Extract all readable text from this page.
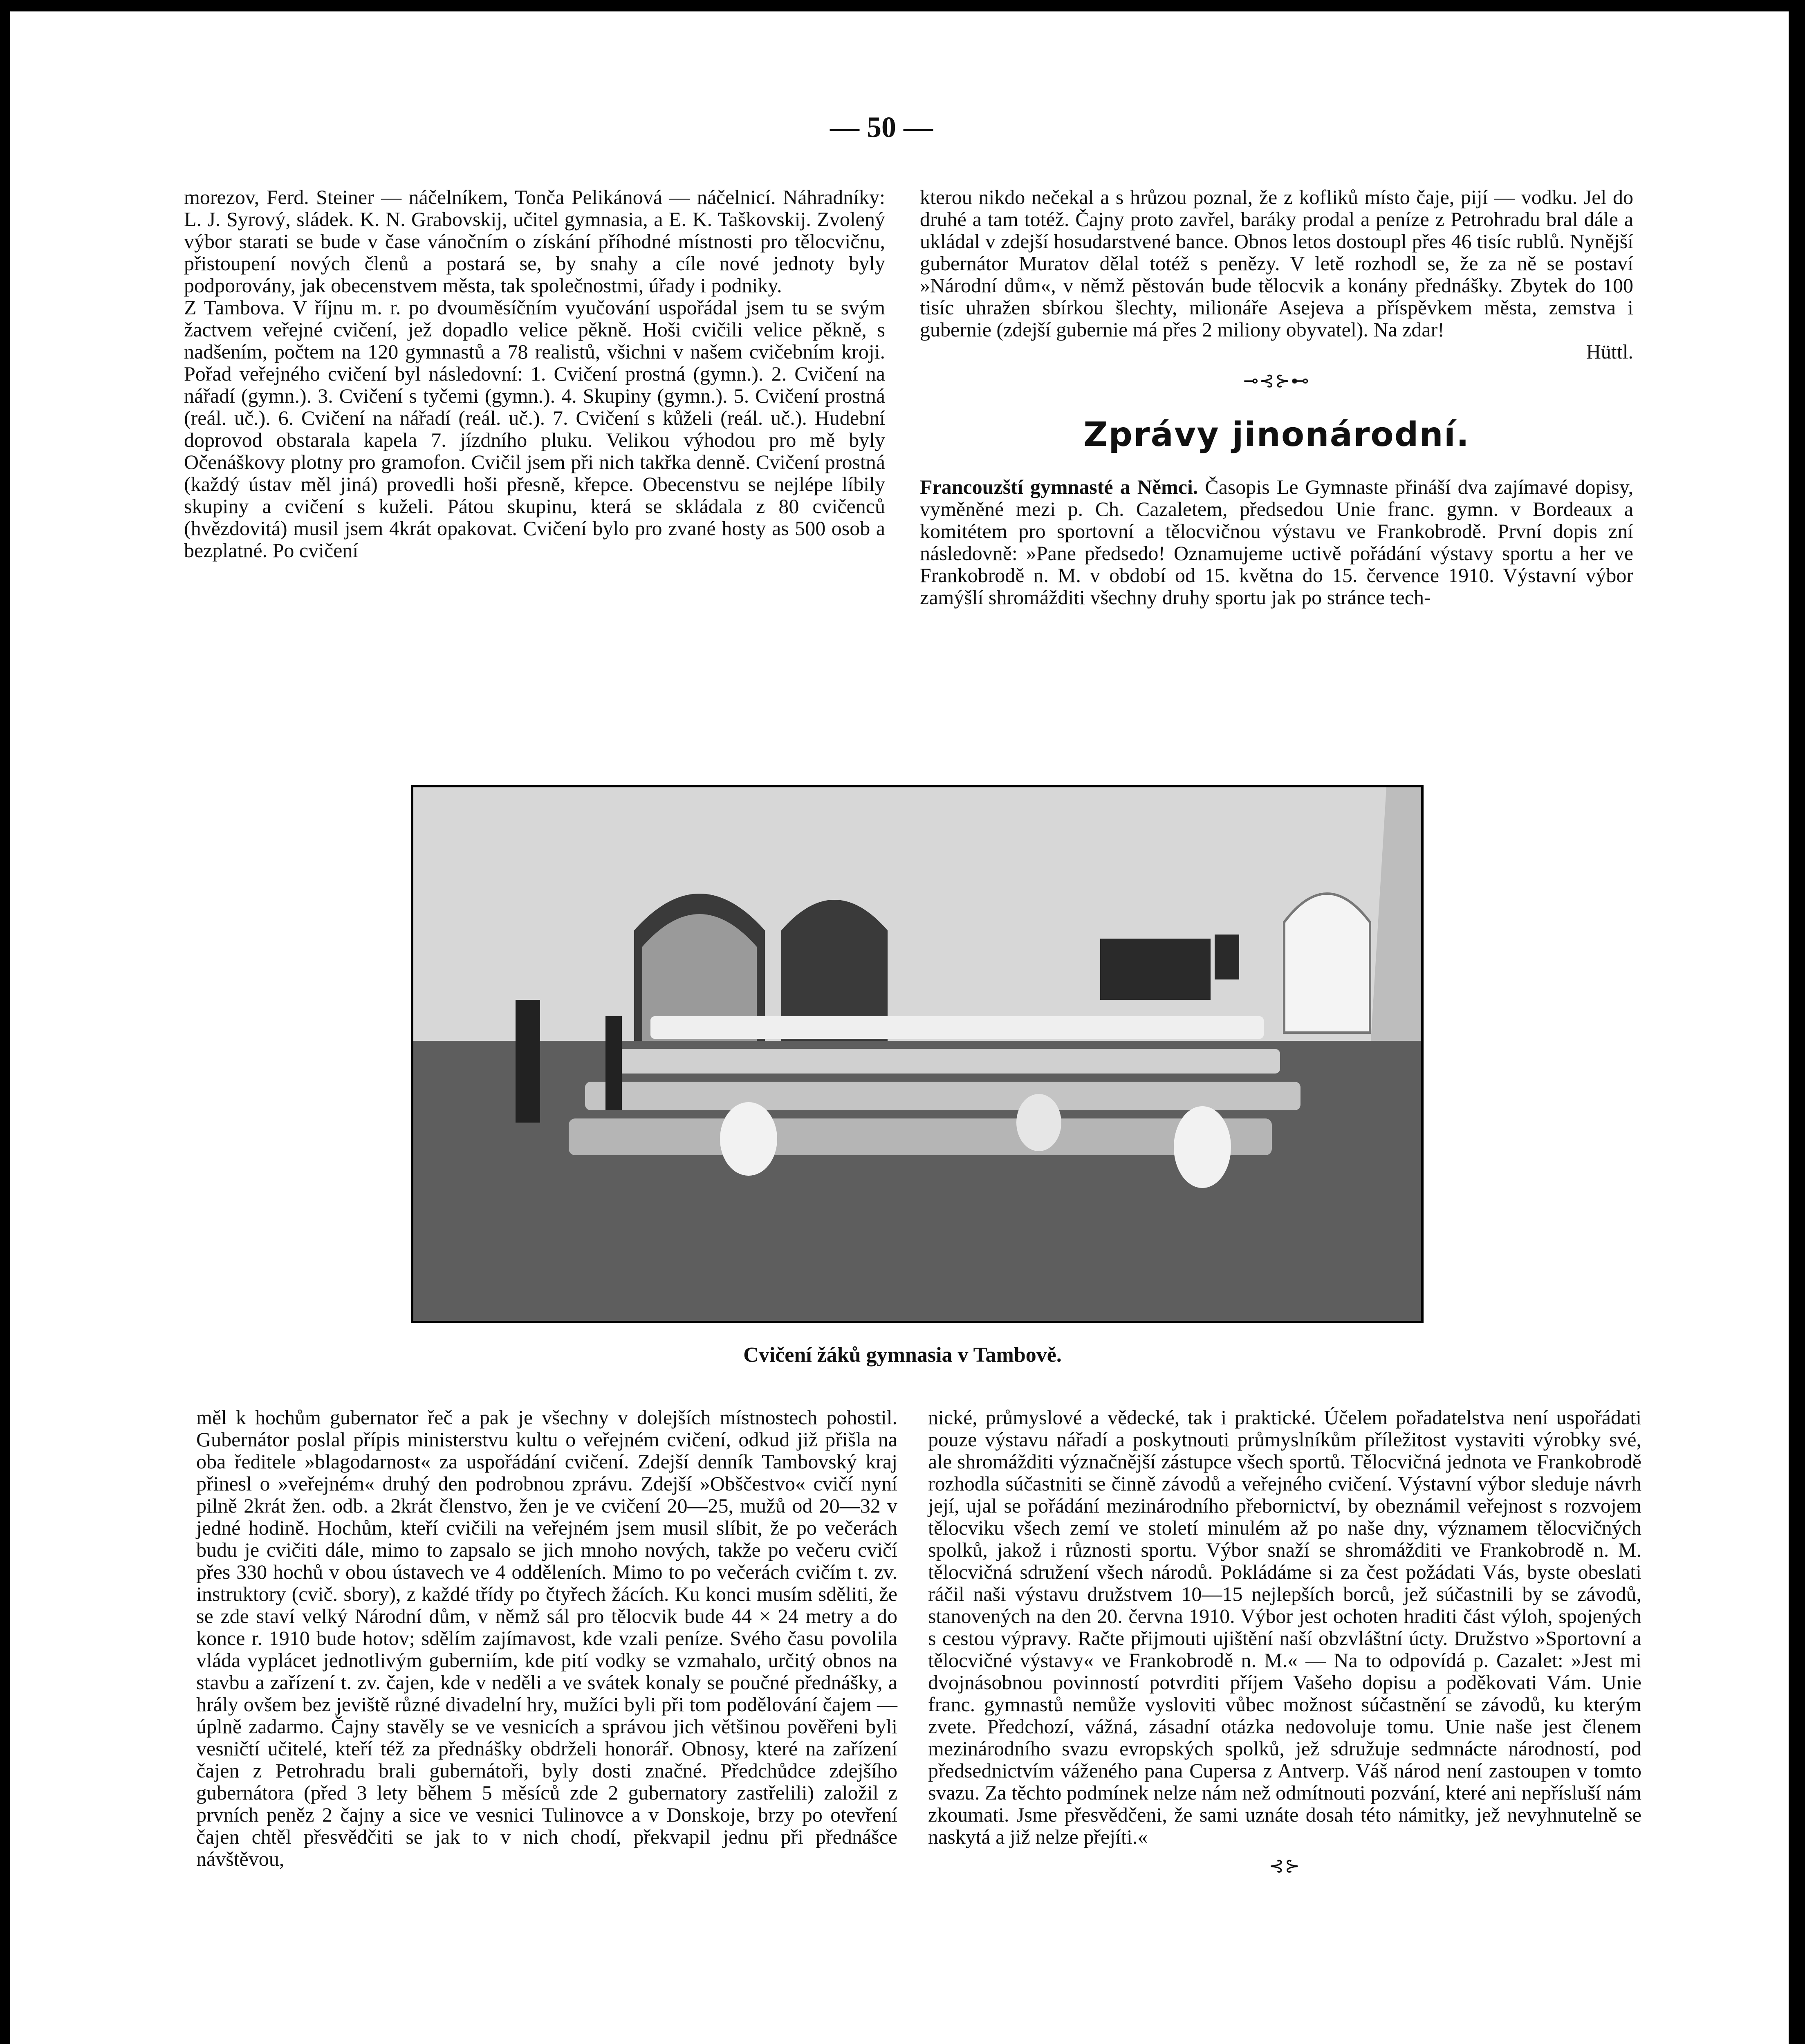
— 50 —

morezov, Ferd. Steiner — náčelníkem, Tonča Pelikánová — náčelnicí. Náhradníky: L. J. Syrový, sládek. K. N. Grabovskij, učitel gymnasia, a E. K. Taškovskij. Zvolený výbor starati se bude v čase vánočním o získání příhodné místnosti pro tělocvičnu, přistoupení nových členů a postará se, by snahy a cíle nové jednoty byly podporovány, jak obecenstvem města, tak společnostmi, úřady i podniky.

Z Tambova. V říjnu m. r. po dvouměsíčním vyučování uspořádal jsem tu se svým žactvem veřejné cvičení, jež dopadlo velice pěkně. Hoši cvičili velice pěkně, s nadšením, počtem na 120 gymnastů a 78 realistů, všichni v našem cvičebním kroji. Pořad veřejného cvičení byl následovní: 1. Cvičení prostná (gymn.). 2. Cvičení na nářadí (gymn.). 3. Cvičení s tyčemi (gymn.). 4. Skupiny (gymn.). 5. Cvičení prostná (reál. uč.). 6. Cvičení na nářadí (reál. uč.). 7. Cvičení s kůželi (reál. uč.). Hudební doprovod obstarala kapela 7. jízdního pluku. Velikou výhodou pro mě byly Očenáškovy plotny pro gramofon. Cvičil jsem při nich takřka denně. Cvičení prostná (každý ústav měl jiná) provedli hoši přesně, křepce. Obecenstvu se nejlépe líbily skupiny a cvičení s kuželi. Pátou skupinu, která se skládala z 80 cvičenců (hvězdovitá) musil jsem 4krát opakovat. Cvičení bylo pro zvané hosty as 500 osob a bezplatné. Po cvičení

kterou nikdo nečekal a s hrůzou poznal, že z kofliků místo čaje, pijí — vodku. Jel do druhé a tam totéž. Čajny proto zavřel, baráky prodal a peníze z Petrohradu bral dále a ukládal v zdejší hosudarstvené bance. Obnos letos dostoupl přes 46 tisíc rublů. Nynější gubernátor Muratov dělal totéž s penězy. V letě rozhodl se, že za ně se postaví »Národní dům«, v němž pěstován bude tělocvik a konány přednášky. Zbytek do 100 tisíc uhražen sbírkou šlechty, milionáře Asejeva a příspěvkem města, zemstva i gubernie (zdejší gubernie má přes 2 miliony obyvatel). Na zdar!

Hüttl.

⊸⊰⊱⊷
Zprávy jinonárodní.

Francouzští gymnasté a Němci. Časopis Le Gymnaste přináší dva zajímavé dopisy, vyměněné mezi p. Ch. Cazaletem, předsedou Unie franc. gymn. v Bordeaux a komitétem pro sportovní a tělocvičnou výstavu ve Frankobrodě. První dopis zní následovně: »Pane předsedo! Oznamujeme uctivě pořádání výstavy sportu a her ve Frankobrodě n. M. v období od 15. května do 15. července 1910. Výstavní výbor zamýšlí shromážditi všechny druhy sportu jak po stránce tech-

Cvičení žáků gymnasia v Tambově.

měl k hochům gubernator řeč a pak je všechny v dolejších místnostech pohostil. Gubernátor poslal přípis ministerstvu kultu o veřejném cvičení, odkud již přišla na oba ředitele »blagodarnost« za uspořádání cvičení. Zdejší denník Tambovský kraj přinesl o »veřejném« druhý den podrobnou zprávu. Zdejší »Obščestvo« cvičí nyní pilně 2krát žen. odb. a 2krát členstvo, žen je ve cvičení 20—25, mužů od 20—32 v jedné hodině. Hochům, kteří cvičili na veřejném jsem musil slíbit, že po večerách budu je cvičiti dále, mimo to zapsalo se jich mnoho nových, takže po večeru cvičí přes 330 hochů v obou ústavech ve 4 odděleních. Mimo to po večerách cvičím t. zv. instruktory (cvič. sbory), z každé třídy po čtyřech žácích. Ku konci musím sděliti, že se zde staví velký Národní dům, v němž sál pro tělocvik bude 44 × 24 metry a do konce r. 1910 bude hotov; sdělím zajímavost, kde vzali peníze. Svého času povolila vláda vyplácet jednotlivým guberniím, kde pití vodky se vzmahalo, určitý obnos na stavbu a zařízení t. zv. čajen, kde v neděli a ve svátek konaly se poučné přednášky, a hrály ovšem bez jeviště různé divadelní hry, mužíci byli při tom podělování čajem — úplně zadarmo. Čajny stavěly se ve vesnicích a správou jich většinou pověřeni byli vesničtí učitelé, kteří též za přednášky obdrželi honorář. Obnosy, které na zařízení čajen z Petrohradu brali gubernátoři, byly dosti značné. Předchůdce zdejšího gubernátora (před 3 lety během 5 měsíců zde 2 gubernatory zastřelili) založil z prvních peněz 2 čajny a sice ve vesnici Tulinovce a v Donskoje, brzy po otevření čajen chtěl přesvědčiti se jak to v nich chodí, překvapil jednu při přednášce návštěvou,

nické, průmyslové a vědecké, tak i praktické. Účelem pořadatelstva není uspořádati pouze výstavu nářadí a poskytnouti průmyslníkům příležitost vystaviti výrobky své, ale shromážditi význačnější zástupce všech sportů. Tělocvičná jednota ve Frankobrodě rozhodla súčastniti se činně závodů a veřejného cvičení. Výstavní výbor sleduje návrh její, ujal se pořádání mezinárodního přebornictví, by obeznámil veřejnost s rozvojem tělocviku všech zemí ve století minulém až po naše dny, významem tělocvičných spolků, jakož i různosti sportu. Výbor snaží se shromážditi ve Frankobrodě n. M. tělocvičná sdružení všech národů. Pokládáme si za čest požádati Vás, byste obeslati ráčil naši výstavu družstvem 10—15 nejlepších borců, jež súčastnili by se závodů, stanovených na den 20. června 1910. Výbor jest ochoten hraditi část výloh, spojených s cestou výpravy. Račte přijmouti ujištění naší obzvláštní úcty. Družstvo »Sportovní a tělocvičné výstavy« ve Frankobrodě n. M.« — Na to odpovídá p. Cazalet: »Jest mi dvojnásobnou povinností potvrditi příjem Vašeho dopisu a poděkovati Vám. Unie franc. gymnastů nemůže vysloviti vůbec možnost súčastnění se závodů, ku kterým zvete. Předchozí, vážná, zásadní otázka nedovoluje tomu. Unie naše jest členem mezinárodního svazu evropských spolků, jež sdružuje sedmnácte národností, pod předsednictvím váženého pana Cupersa z Antverp. Váš národ není zastoupen v tomto svazu. Za těchto podmínek nelze nám než odmítnouti pozvání, které ani nepřísluší nám zkoumati. Jsme přesvědčeni, že sami uznáte dosah této námitky, jež nevyhnutelně se naskytá a již nelze přejíti.«

⊰⊱
